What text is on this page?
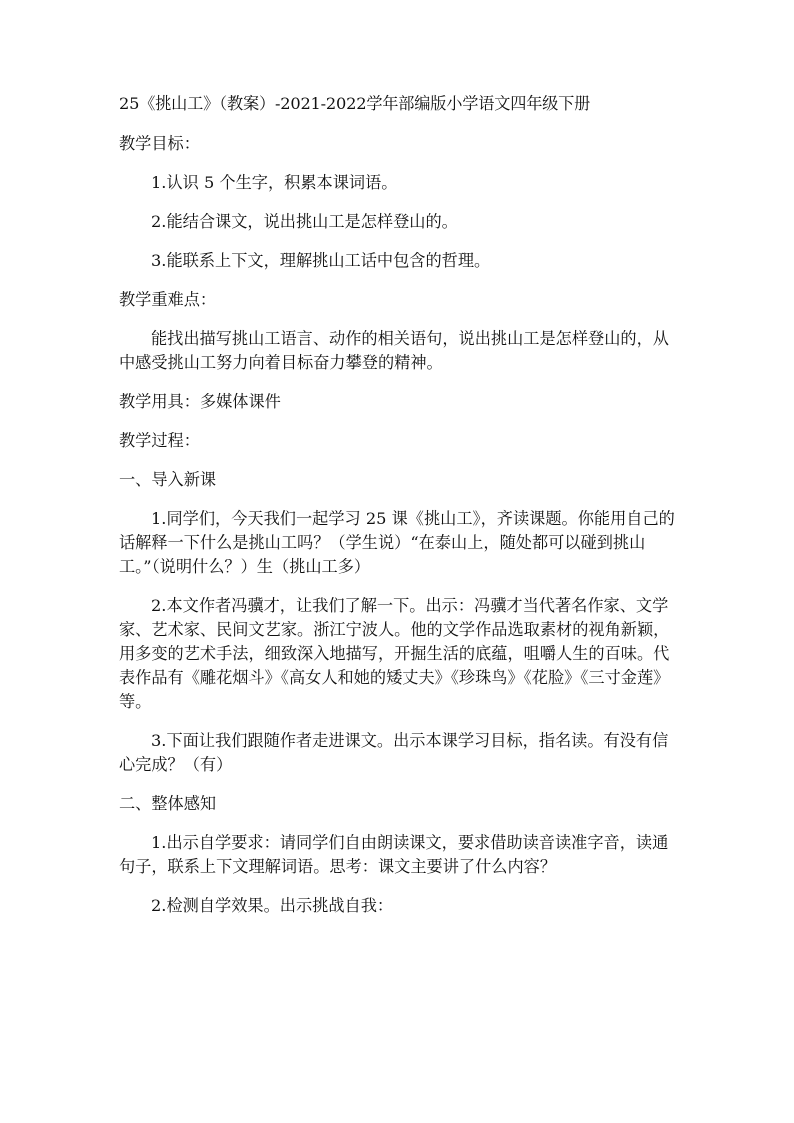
25《挑山工》（教案）-2021-2022学年部编版小学语文四年级下册

教学目标：

1.认识 5 个生字，积累本课词语。

2.能结合课文，说出挑山工是怎样登山的。

3.能联系上下文，理解挑山工话中包含的哲理。

教学重难点：

能找出描写挑山工语言、动作的相关语句，说出挑山工是怎样登山的，从中感受挑山工努力向着目标奋力攀登的精神。

教学用具：多媒体课件

教学过程：

一、导入新课

1.同学们，今天我们一起学习 25 课《挑山工》，齐读课题。你能用自己的话解释一下什么是挑山工吗？（学生说）“在泰山上，随处都可以碰到挑山工。”（说明什么？）生（挑山工多）

2.本文作者冯骥才，让我们了解一下。出示：冯骥才当代著名作家、文学家、艺术家、民间文艺家。浙江宁波人。他的文学作品选取素材的视角新颖，用多变的艺术手法，细致深入地描写，开掘生活的底蕴，咀嚼人生的百味。代表作品有《雕花烟斗》《高女人和她的矮丈夫》《珍珠鸟》《花脸》《三寸金莲》等。

3.下面让我们跟随作者走进课文。出示本课学习目标，指名读。有没有信心完成？（有）

二、整体感知

1.出示自学要求：请同学们自由朗读课文，要求借助读音读准字音，读通句子，联系上下文理解词语。思考：课文主要讲了什么内容？

2.检测自学效果。出示挑战自我：
